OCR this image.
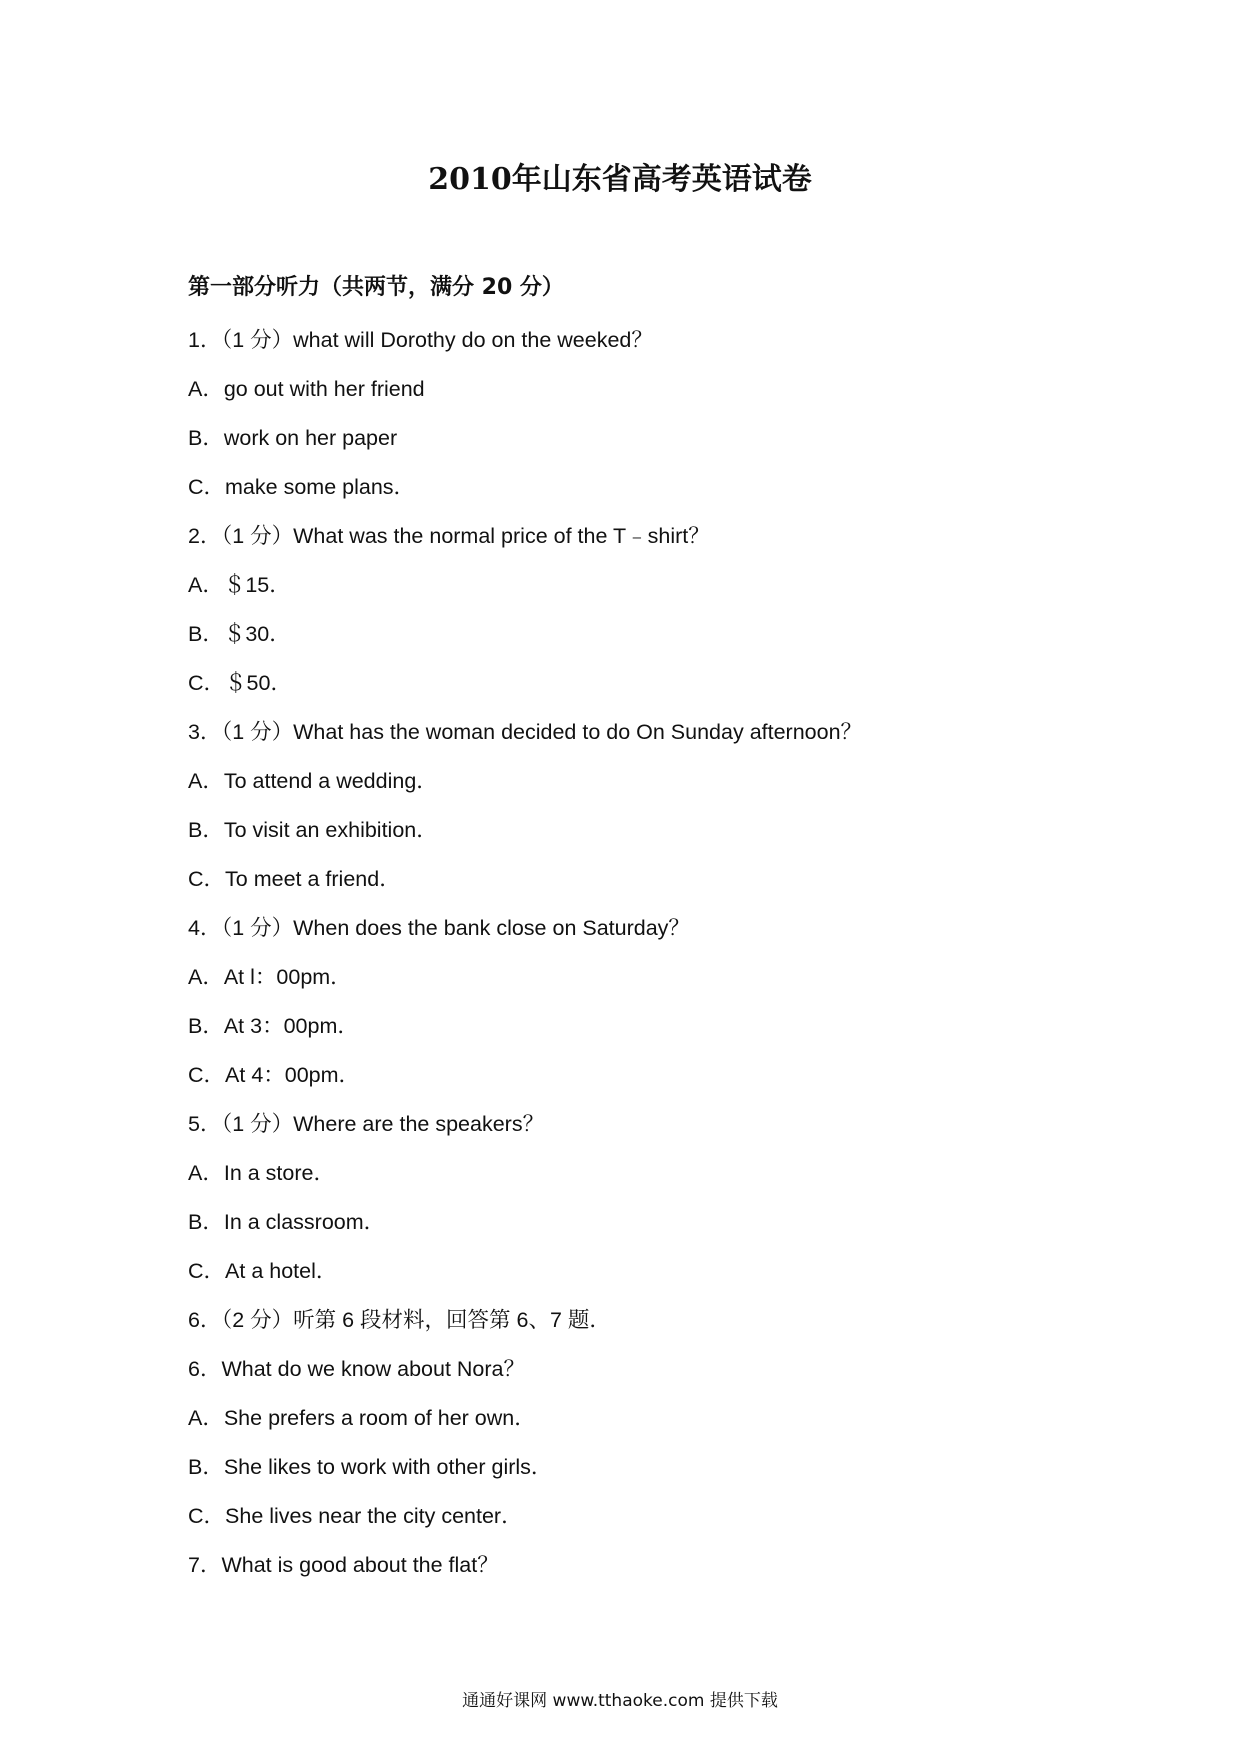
2010年山东省高考英语试卷
第一部分听力（共两节，满分 20 分）
1．（1 分）what will Dorothy do on the weeked？
A．go out with her friend
B．work on her paper
C．make some plans．
2．（1 分）What was the normal price of the T﹣shirt？
A．＄15．
B．＄30．
C．＄50．
3．（1 分）What has the woman decided to do On Sunday afternoon？
A．To attend a wedding．
B．To visit an exhibition．
C．To meet a friend．
4．（1 分）When does the bank close on Saturday？
A．At l：00pm．
B．At 3：00pm．
C．At 4：00pm．
5．（1 分）Where are the speakers？
A．In a store．
B．In a classroom．
C．At a hotel．
6．（2 分）听第 6 段材料，回答第 6、7 题．
6．What do we know about Nora？
A．She prefers a room of her own．
B．She likes to work with other girls．
C．She lives near the city center．
7．What is good about the flat？
通通好课网 www.tthaoke.com 提供下载
